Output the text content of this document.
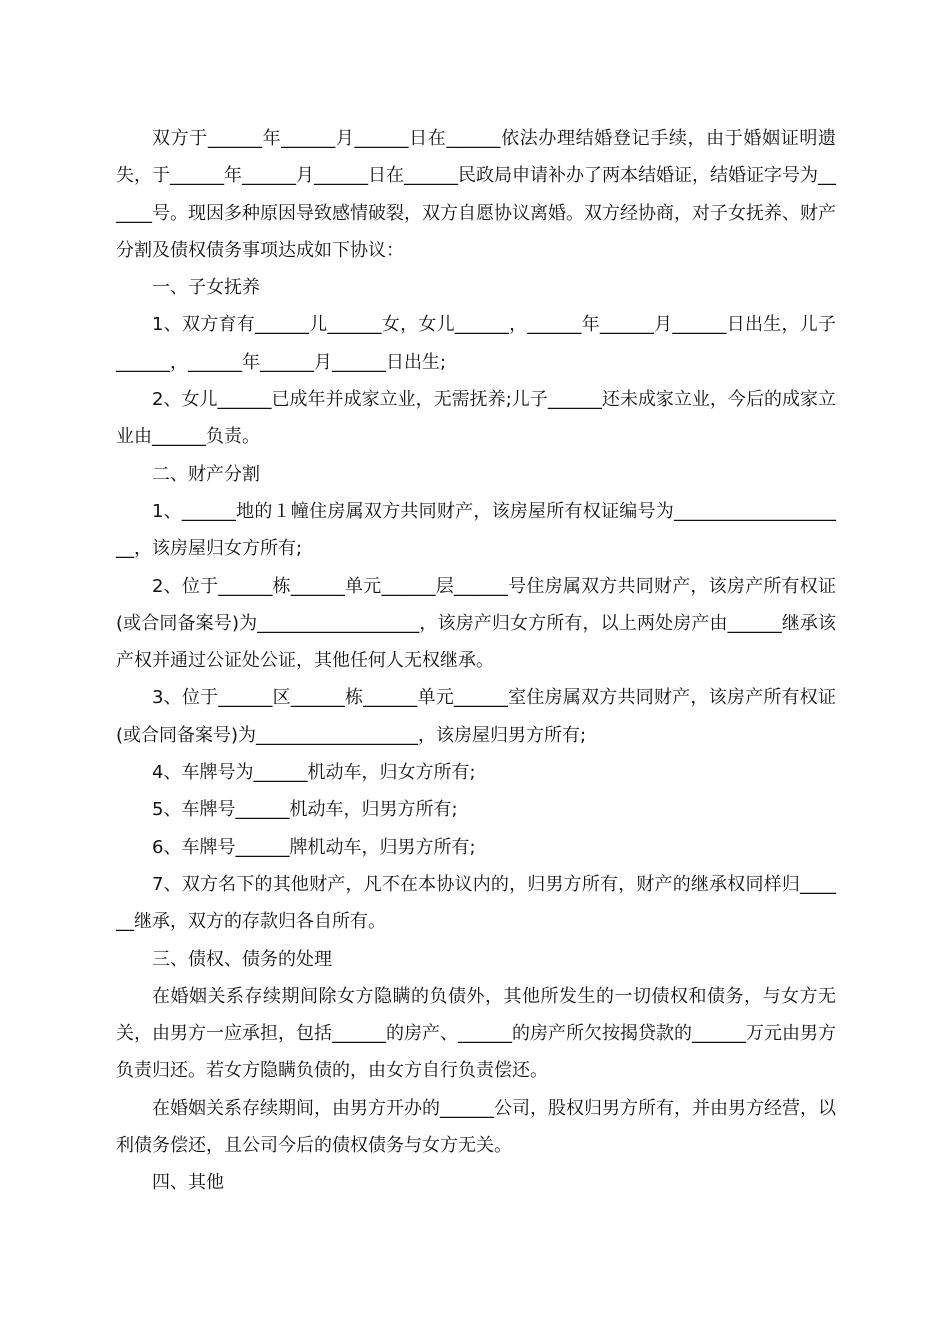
双方于______年______月______日在______依法办理结婚登记手续，由于婚姻证明遗失，于______年______月______日在______民政局申请补办了两本结婚证，结婚证字号为______号。现因多种原因导致感情破裂，双方自愿协议离婚。双方经协商，对子女抚养、财产分割及债权债务事项达成如下协议：

一、子女抚养

1、双方育有______儿______女，女儿______，______年______月______日出生，儿子______，______年______月______日出生;

2、女儿______已成年并成家立业，无需抚养;儿子______还未成家立业，今后的成家立业由______负责。

二、财产分割

1、______地的１幢住房属双方共同财产，该房屋所有权证编号为____________________，该房屋归女方所有;

2、位于______栋______单元______层______号住房属双方共同财产，该房产所有权证(或合同备案号)为__________________，该房产归女方所有，以上两处房产由______继承该产权并通过公证处公证，其他任何人无权继承。

3、位于______区______栋______单元______室住房属双方共同财产，该房产所有权证(或合同备案号)为__________________，该房屋归男方所有;

4、车牌号为______机动车，归女方所有;

5、车牌号______机动车，归男方所有;

6、车牌号______牌机动车，归男方所有;

7、双方名下的其他财产，凡不在本协议内的，归男方所有，财产的继承权同样归______继承，双方的存款归各自所有。

三、债权、债务的处理

在婚姻关系存续期间除女方隐瞒的负债外，其他所发生的一切债权和债务，与女方无关，由男方一应承担，包括______的房产、______的房产所欠按揭贷款的______万元由男方负责归还。若女方隐瞒负债的，由女方自行负责偿还。

在婚姻关系存续期间，由男方开办的______公司，股权归男方所有，并由男方经营，以利债务偿还，且公司今后的债权债务与女方无关。

四、其他
